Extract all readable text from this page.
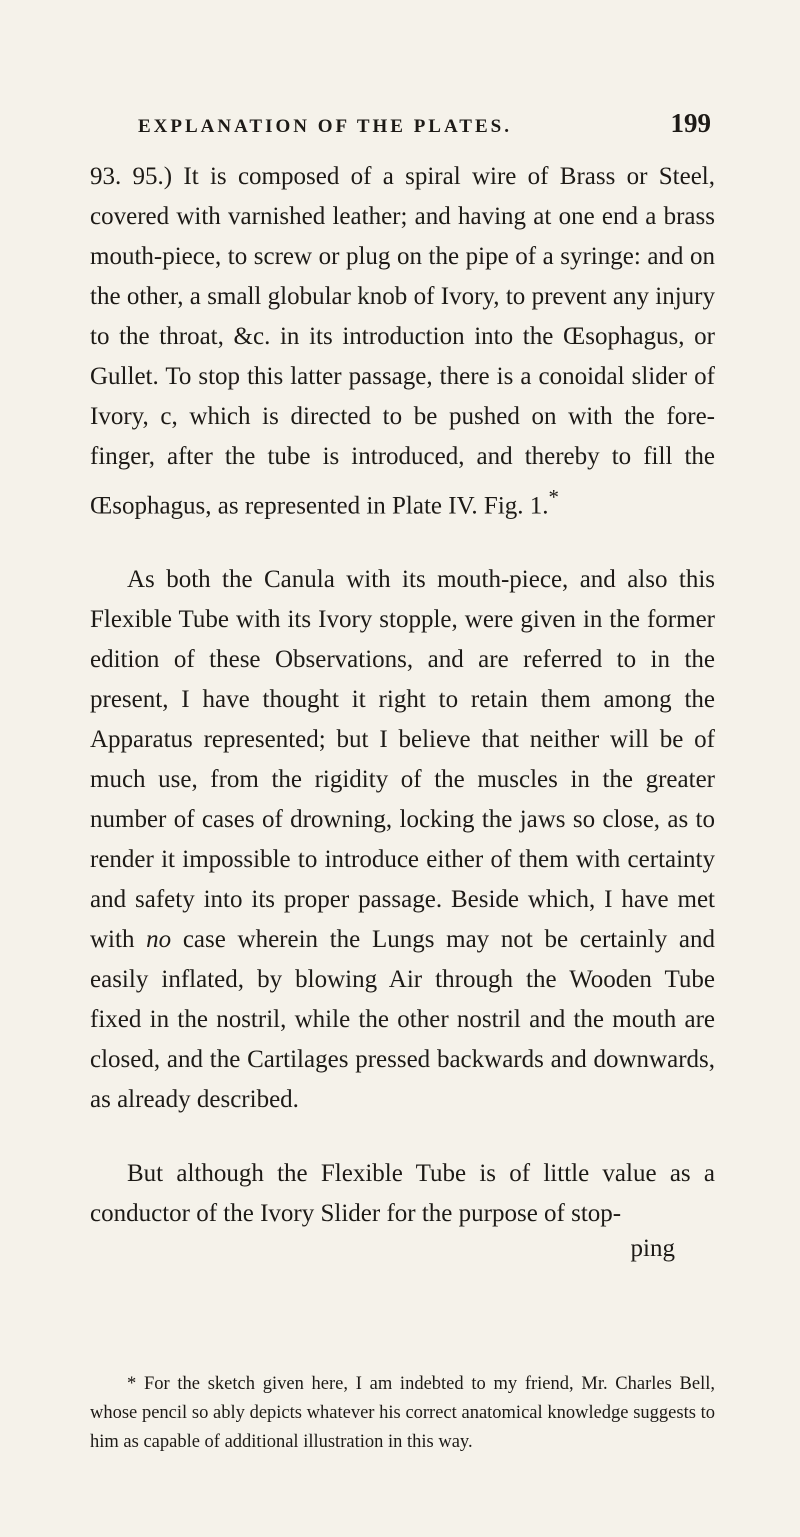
EXPLANATION OF THE PLATES.	199

93. 95.) It is composed of a spiral wire of Brass or Steel, covered with varnished leather; and having at one end a brass mouth-piece, to screw or plug on the pipe of a syringe: and on the other, a small globular knob of Ivory, to prevent any injury to the throat, &c. in its introduction into the Œsophagus, or Gullet. To stop this latter passage, there is a conoidal slider of Ivory, c, which is directed to be pushed on with the fore-finger, after the tube is introduced, and thereby to fill the Œsophagus, as represented in Plate IV. Fig. 1.*

As both the Canula with its mouth-piece, and also this Flexible Tube with its Ivory stopple, were given in the former edition of these Observations, and are referred to in the present, I have thought it right to retain them among the Apparatus represented; but I believe that neither will be of much use, from the rigidity of the muscles in the greater number of cases of drowning, locking the jaws so close, as to render it impossible to introduce either of them with certainty and safety into its proper passage. Beside which, I have met with no case wherein the Lungs may not be certainly and easily inflated, by blowing Air through the Wooden Tube fixed in the nostril, while the other nostril and the mouth are closed, and the Cartilages pressed backwards and downwards, as already described.

But although the Flexible Tube is of little value as a conductor of the Ivory Slider for the purpose of stop-

ping

* For the sketch given here, I am indebted to my friend, Mr. Charles Bell, whose pencil so ably depicts whatever his correct anatomical knowledge suggests to him as capable of additional illustration in this way.
